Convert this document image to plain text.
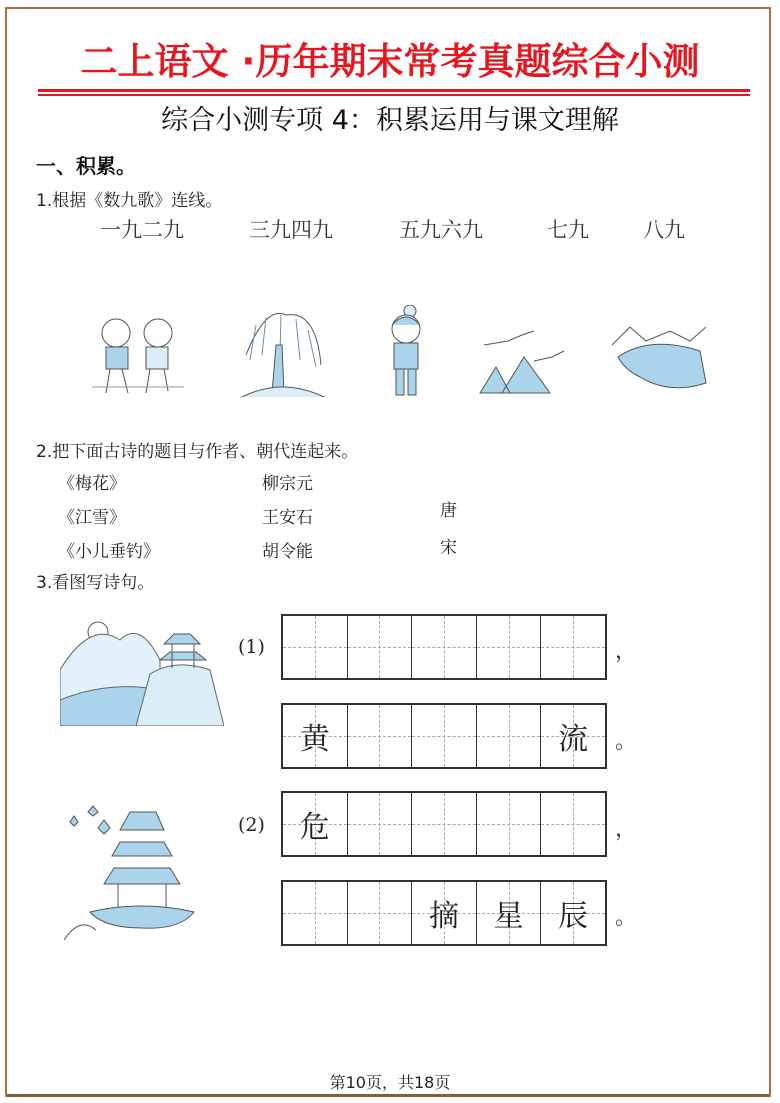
二上语文 ·历年期末常考真题综合小测
综合小测专项 4：积累运用与课文理解
一、积累。
1.根据《数九歌》连线。
一九二九	三九四九	五九六九	七九	八九
2.把下面古诗的题目与作者、朝代连起来。
《梅花》
《江雪》
《小儿垂钓》
柳宗元
王安石
胡令能
唐
宋
3.看图写诗句。
(1)	，
黄	流 。
(2) 危	，
摘 星 辰 。
第10页，共18页
